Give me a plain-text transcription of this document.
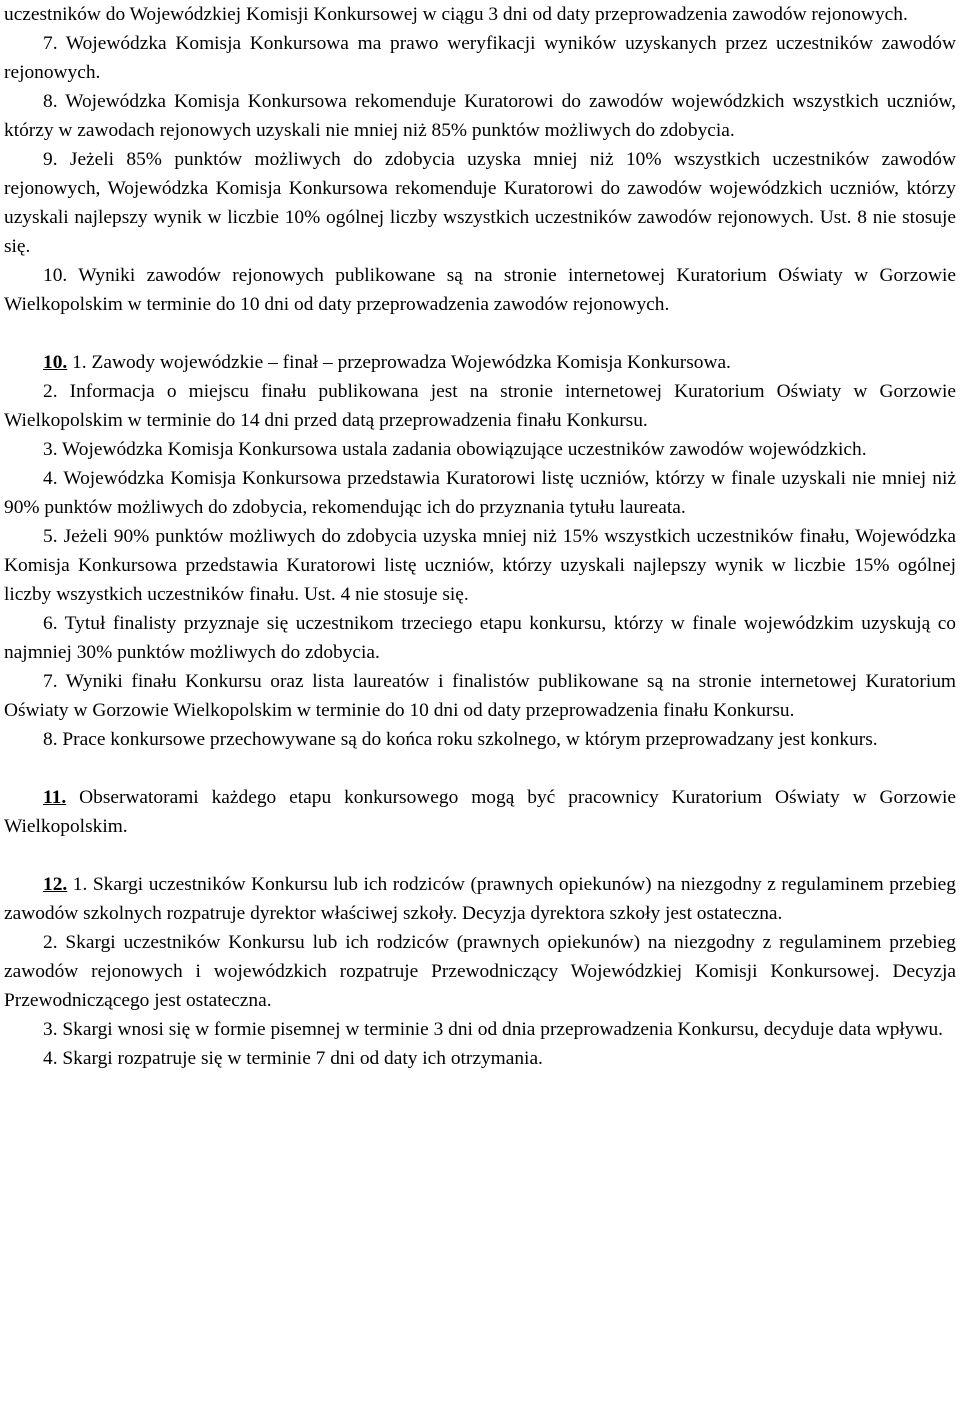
uczestników do Wojewódzkiej Komisji Konkursowej w ciągu 3 dni od daty przeprowadzenia zawodów rejonowych.

7. Wojewódzka Komisja Konkursowa ma prawo weryfikacji wyników uzyskanych przez uczestników zawodów rejonowych.

8. Wojewódzka Komisja Konkursowa rekomenduje Kuratorowi do zawodów wojewódzkich wszystkich uczniów, którzy w zawodach rejonowych uzyskali nie mniej niż 85% punktów możliwych do zdobycia.

9. Jeżeli 85% punktów możliwych do zdobycia uzyska mniej niż 10% wszystkich uczestników zawodów rejonowych, Wojewódzka Komisja Konkursowa rekomenduje Kuratorowi do zawodów wojewódzkich uczniów, którzy uzyskali najlepszy wynik w liczbie 10% ogólnej liczby wszystkich uczestników zawodów rejonowych. Ust. 8 nie stosuje się.

10. Wyniki zawodów rejonowych publikowane są na stronie internetowej Kuratorium Oświaty w Gorzowie Wielkopolskim w terminie do 10 dni od daty przeprowadzenia zawodów rejonowych.

10. 1. Zawody wojewódzkie – finał – przeprowadza Wojewódzka Komisja Konkursowa.

2. Informacja o miejscu finału publikowana jest na stronie internetowej Kuratorium Oświaty w Gorzowie Wielkopolskim w terminie do 14 dni przed datą przeprowadzenia finału Konkursu.

3. Wojewódzka Komisja Konkursowa ustala zadania obowiązujące uczestników zawodów wojewódzkich.

4. Wojewódzka Komisja Konkursowa przedstawia Kuratorowi listę uczniów, którzy w finale uzyskali nie mniej niż 90% punktów możliwych do zdobycia, rekomendując ich do przyznania tytułu laureata.

5. Jeżeli 90% punktów możliwych do zdobycia uzyska mniej niż 15% wszystkich uczestników finału, Wojewódzka Komisja Konkursowa przedstawia Kuratorowi listę uczniów, którzy uzyskali najlepszy wynik w liczbie 15% ogólnej liczby wszystkich uczestników finału. Ust. 4 nie stosuje się.

6. Tytuł finalisty przyznaje się uczestnikom trzeciego etapu konkursu, którzy w finale wojewódzkim uzyskują co najmniej 30% punktów możliwych do zdobycia.

7. Wyniki finału Konkursu oraz lista laureatów i finalistów publikowane są na stronie internetowej Kuratorium Oświaty w Gorzowie Wielkopolskim w terminie do 10 dni od daty przeprowadzenia finału Konkursu.

8. Prace konkursowe przechowywane są do końca roku szkolnego, w którym przeprowadzany jest konkurs.

11. Obserwatorami każdego etapu konkursowego mogą być pracownicy Kuratorium Oświaty w Gorzowie Wielkopolskim.

12. 1. Skargi uczestników Konkursu lub ich rodziców (prawnych opiekunów) na niezgodny z regulaminem przebieg zawodów szkolnych rozpatruje dyrektor właściwej szkoły. Decyzja dyrektora szkoły jest ostateczna.

2. Skargi uczestników Konkursu lub ich rodziców (prawnych opiekunów) na niezgodny z regulaminem przebieg zawodów rejonowych i wojewódzkich rozpatruje Przewodniczący Wojewódzkiej Komisji Konkursowej. Decyzja Przewodniczącego jest ostateczna.

3. Skargi wnosi się w formie pisemnej w terminie 3 dni od dnia przeprowadzenia Konkursu, decyduje data wpływu.

4. Skargi rozpatruje się w terminie 7 dni od daty ich otrzymania.
